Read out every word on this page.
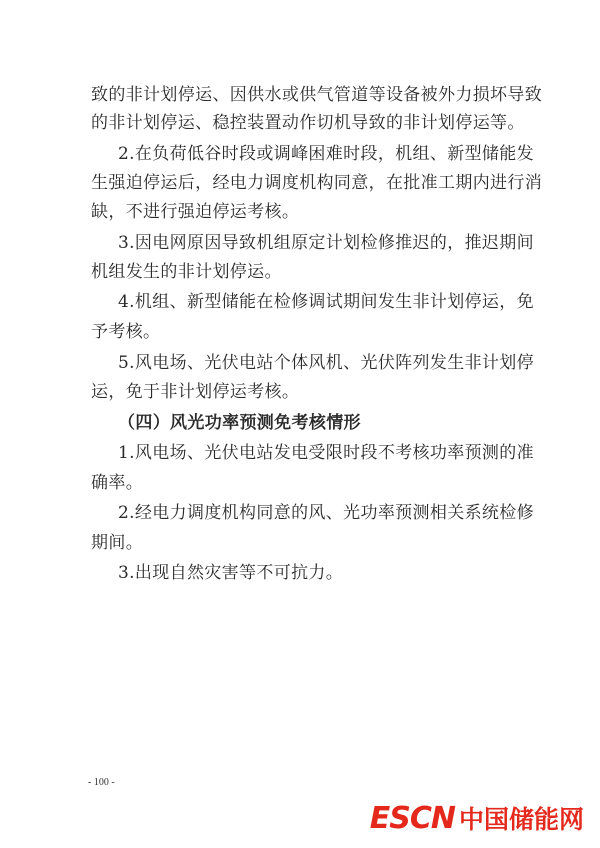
致的非计划停运、因供水或供气管道等设备被外力损坏导致
的非计划停运、稳控装置动作切机导致的非计划停运等。
2.在负荷低谷时段或调峰困难时段，机组、新型储能发
生强迫停运后，经电力调度机构同意，在批准工期内进行消
缺，不进行强迫停运考核。
3.因电网原因导致机组原定计划检修推迟的，推迟期间
机组发生的非计划停运。
4.机组、新型储能在检修调试期间发生非计划停运，免
予考核。
5.风电场、光伏电站个体风机、光伏阵列发生非计划停
运，免于非计划停运考核。
（四）风光功率预测免考核情形
1.风电场、光伏电站发电受限时段不考核功率预测的准
确率。
2.经电力调度机构同意的风、光功率预测相关系统检修
期间。
3.出现自然灾害等不可抗力。
- 100 -
ESCN 中国储能网
